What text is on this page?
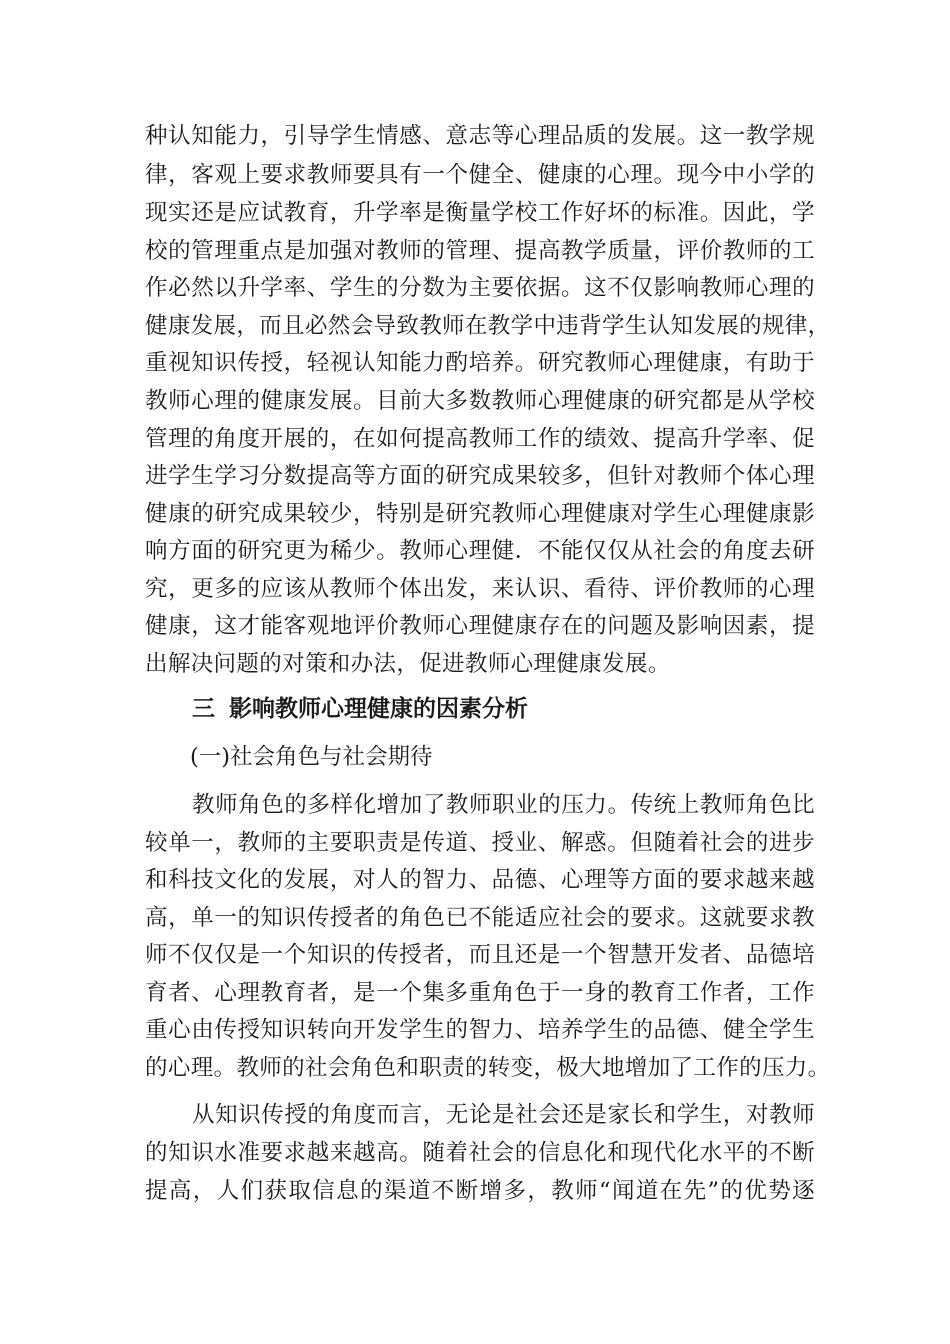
种认知能力，引导学生情感、意志等心理品质的发展。这一教学规
律，客观上要求教师要具有一个健全、健康的心理。现今中小学的
现实还是应试教育，升学率是衡量学校工作好坏的标准。因此，学
校的管理重点是加强对教师的管理、提高教学质量，评价教师的工
作必然以升学率、学生的分数为主要依据。这不仅影响教师心理的
健康发展，而且必然会导致教师在教学中违背学生认知发展的规律，
重视知识传授，轻视认知能力酌培养。研究教师心理健康，有助于
教师心理的健康发展。目前大多数教师心理健康的研究都是从学校
管理的角度开展的，在如何提高教师工作的绩效、提高升学率、促
进学生学习分数提高等方面的研究成果较多，但针对教师个体心理
健康的研究成果较少，特别是研究教师心理健康对学生心理健康影
响方面的研究更为稀少。教师心理健．不能仅仅从社会的角度去研
究，更多的应该从教师个体出发，来认识、看待、评价教师的心理
健康，这才能客观地评价教师心理健康存在的问题及影响因素，提
出解决问题的对策和办法，促进教师心理健康发展。
三 影响教师心理健康的因素分析
(一)社会角色与社会期待
教师角色的多样化增加了教师职业的压力。传统上教师角色比
较单一，教师的主要职责是传道、授业、解惑。但随着社会的进步
和科技文化的发展，对人的智力、品德、心理等方面的要求越来越
高，单一的知识传授者的角色已不能适应社会的要求。这就要求教
师不仅仅是一个知识的传授者，而且还是一个智慧开发者、品德培
育者、心理教育者，是一个集多重角色于一身的教育工作者，工作
重心由传授知识转向开发学生的智力、培养学生的品德、健全学生
的心理。教师的社会角色和职责的转变，极大地增加了工作的压力。
从知识传授的角度而言，无论是社会还是家长和学生，对教师
的知识水准要求越来越高。随着社会的信息化和现代化水平的不断
提高，人们获取信息的渠道不断增多，教师“闻道在先”的优势逐
